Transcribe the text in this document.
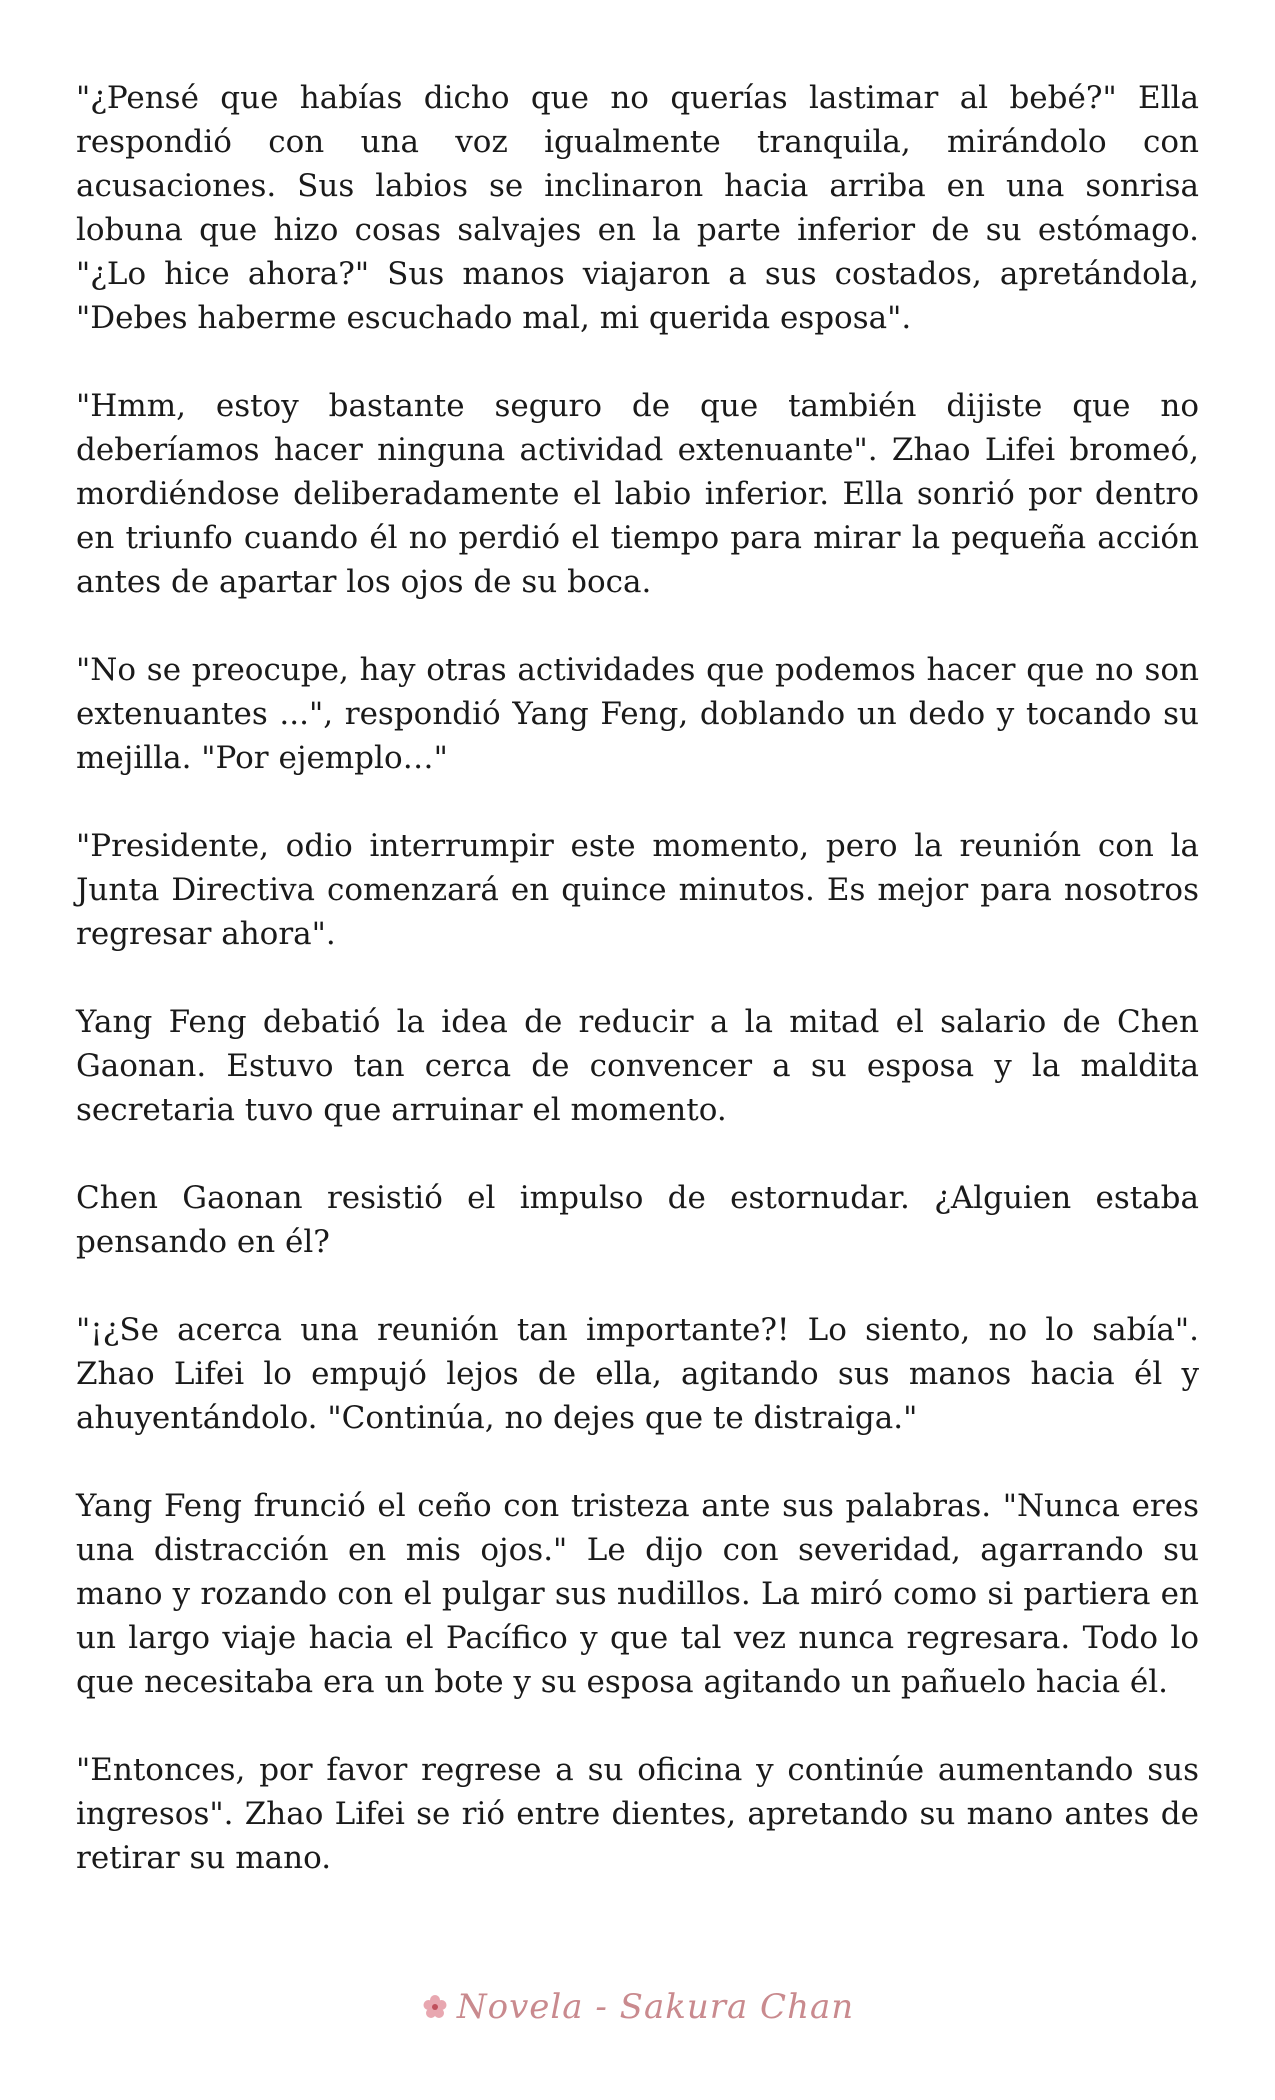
"¿Pensé que habías dicho que no querías lastimar al bebé?" Ella respondió con una voz igualmente tranquila, mirándolo con acusaciones. Sus labios se inclinaron hacia arriba en una sonrisa lobuna que hizo cosas salvajes en la parte inferior de su estómago. "¿Lo hice ahora?" Sus manos viajaron a sus costados, apretándola, "Debes haberme escuchado mal, mi querida esposa".

"Hmm, estoy bastante seguro de que también dijiste que no deberíamos hacer ninguna actividad extenuante". Zhao Lifei bromeó, mordiéndose deliberadamente el labio inferior. Ella sonrió por dentro en triunfo cuando él no perdió el tiempo para mirar la pequeña acción antes de apartar los ojos de su boca.

"No se preocupe, hay otras actividades que podemos hacer que no son extenuantes ...", respondió Yang Feng, doblando un dedo y tocando su mejilla. "Por ejemplo…"

"Presidente, odio interrumpir este momento, pero la reunión con la Junta Directiva comenzará en quince minutos. Es mejor para nosotros regresar ahora".

Yang Feng debatió la idea de reducir a la mitad el salario de Chen Gaonan. Estuvo tan cerca de convencer a su esposa y la maldita secretaria tuvo que arruinar el momento.

Chen Gaonan resistió el impulso de estornudar. ¿Alguien estaba pensando en él?

"¡¿Se acerca una reunión tan importante?! Lo siento, no lo sabía". Zhao Lifei lo empujó lejos de ella, agitando sus manos hacia él y ahuyentándolo. "Continúa, no dejes que te distraiga."

Yang Feng frunció el ceño con tristeza ante sus palabras. "Nunca eres una distracción en mis ojos." Le dijo con severidad, agarrando su mano y rozando con el pulgar sus nudillos. La miró como si partiera en un largo viaje hacia el Pacífico y que tal vez nunca regresara. Todo lo que necesitaba era un bote y su esposa agitando un pañuelo hacia él.

"Entonces, por favor regrese a su oficina y continúe aumentando sus ingresos". Zhao Lifei se rió entre dientes, apretando su mano antes de retirar su mano.

Novela - Sakura Chan
